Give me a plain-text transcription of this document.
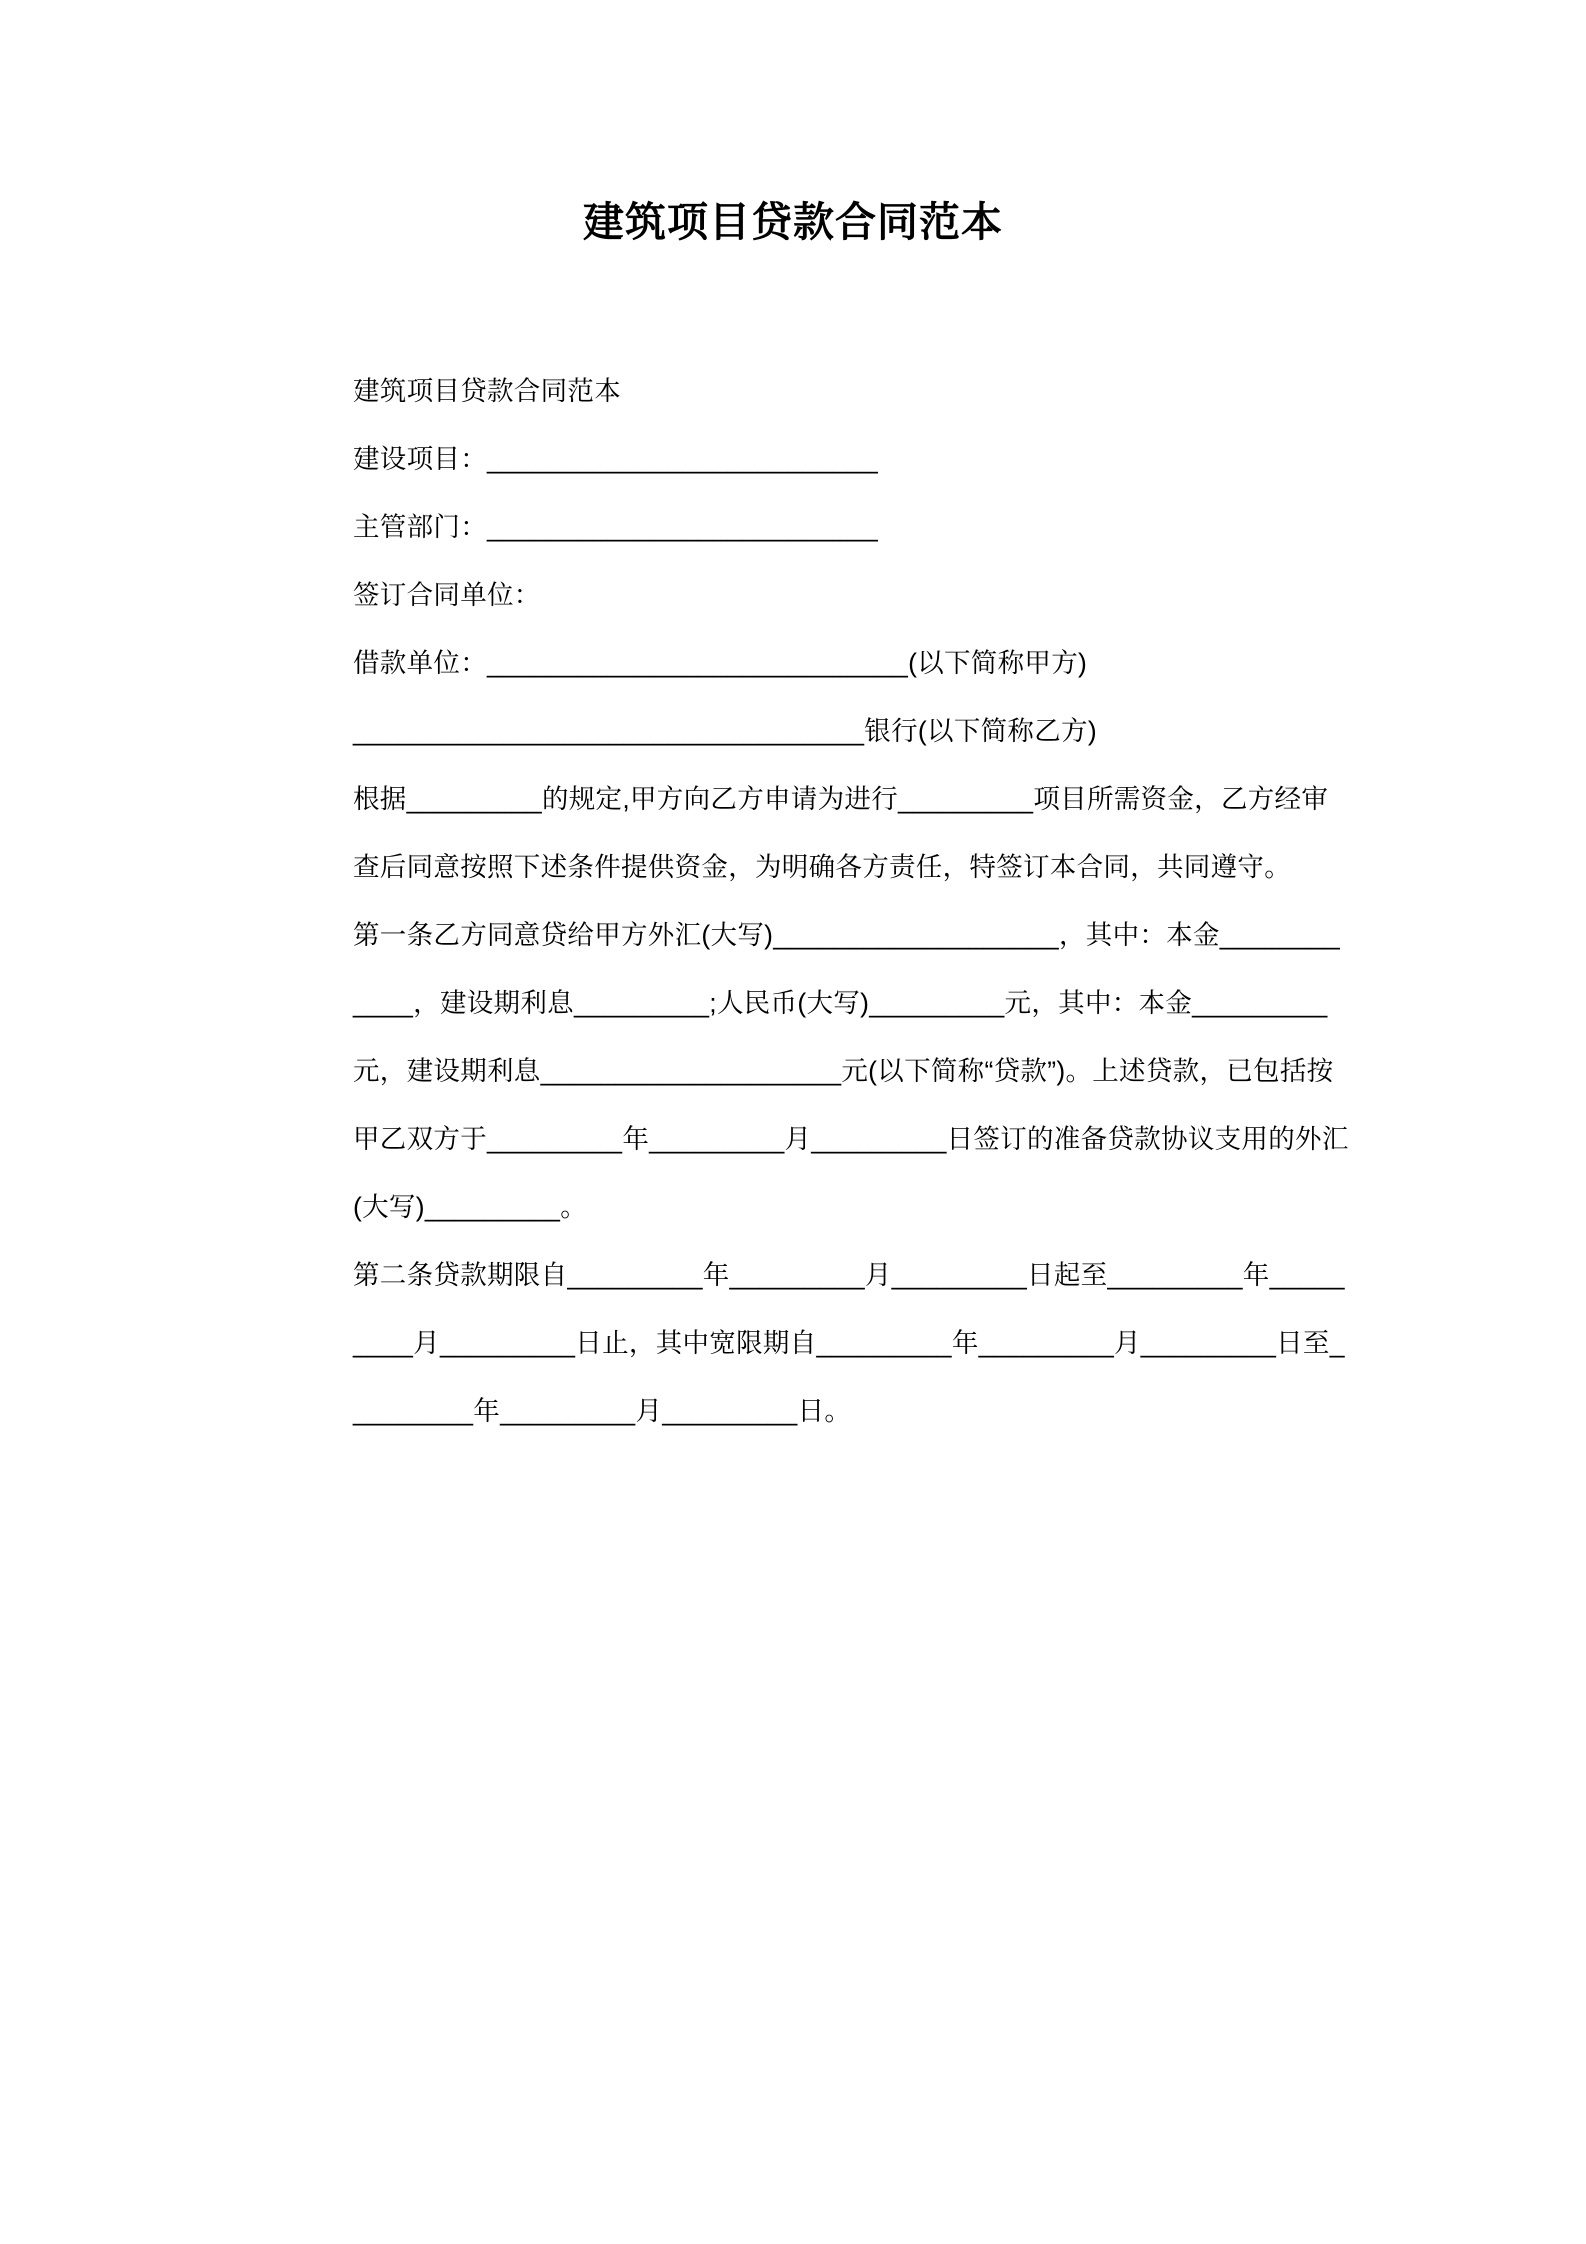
建筑项目贷款合同范本

建筑项目贷款合同范本

建设项目：__________________________

主管部门：__________________________

签订合同单位：

借款单位：____________________________(以下简称甲方)

__________________________________银行(以下简称乙方)

根据_________的规定,甲方向乙方申请为进行_________项目所需资金，乙方经审查后同意按照下述条件提供资金，为明确各方责任，特签订本合同，共同遵守。

第一条乙方同意贷给甲方外汇(大写)___________________，其中：本金____________，建设期利息_________;人民币(大写)_________元，其中：本金_________元，建设期利息____________________元(以下简称“贷款”)。上述贷款，已包括按甲乙双方于_________年_________月_________日签订的准备贷款协议支用的外汇(大写)_________。

第二条贷款期限自_________年_________月_________日起至_________年_________月_________日止，其中宽限期自_________年_________月_________日至_________年_________月_________日。
